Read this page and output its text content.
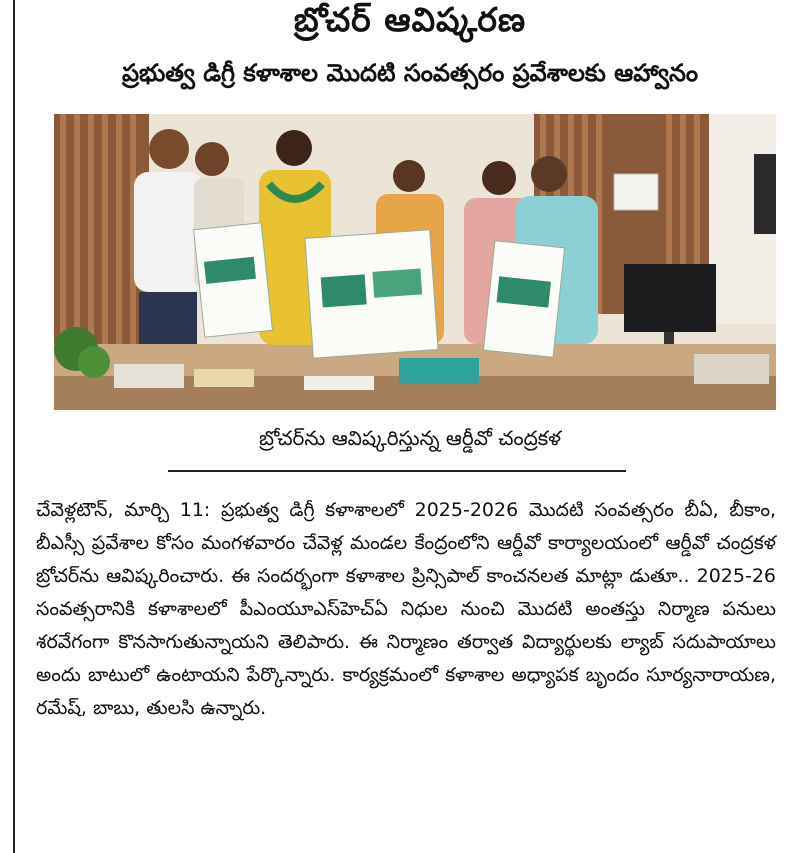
బ్రోచర్ ఆవిష్కరణ
ప్రభుత్వ డిగ్రీ కళాశాల మొదటి సంవత్సరం ప్రవేశాలకు ఆహ్వానం
బ్రోచర్‌ను ఆవిష్కరిస్తున్న ఆర్డీవో చంద్రకళ

చేవెళ్లటౌన్, మార్చి 11: ప్రభుత్వ డిగ్రీ కళాశాలలో 2025-2026 మొదటి సంవత్సరం బీఏ, బీకాం, బీఎస్సీ ప్రవేశాల కోసం మంగళవారం చేవెళ్ల మండల కేంద్రంలోని ఆర్డీవో కార్యాలయంలో ఆర్డీవో చంద్రకళ బ్రోచర్‌ను ఆవిష్కరించారు. ఈ సందర్భంగా కళాశాల ప్రిన్సిపాల్ కాంచనలత మాట్లా డుతూ.. 2025-26 సంవత్సరానికి కళాశాలలో పీఎంయూఎస్‌హెచ్‌ఏ నిధుల నుంచి మొదటి అంతస్తు నిర్మాణ పనులు శరవేగంగా కొనసాగుతున్నాయని తెలిపారు. ఈ నిర్మాణం తర్వాత విద్యార్థులకు ల్యాబ్ సదుపాయాలు అందు బాటులో ఉంటాయని పేర్కొన్నారు. కార్యక్రమంలో కళాశాల అధ్యాపక బృందం సూర్యనారాయణ, రమేష్, బాబు, తులసి ఉన్నారు.
